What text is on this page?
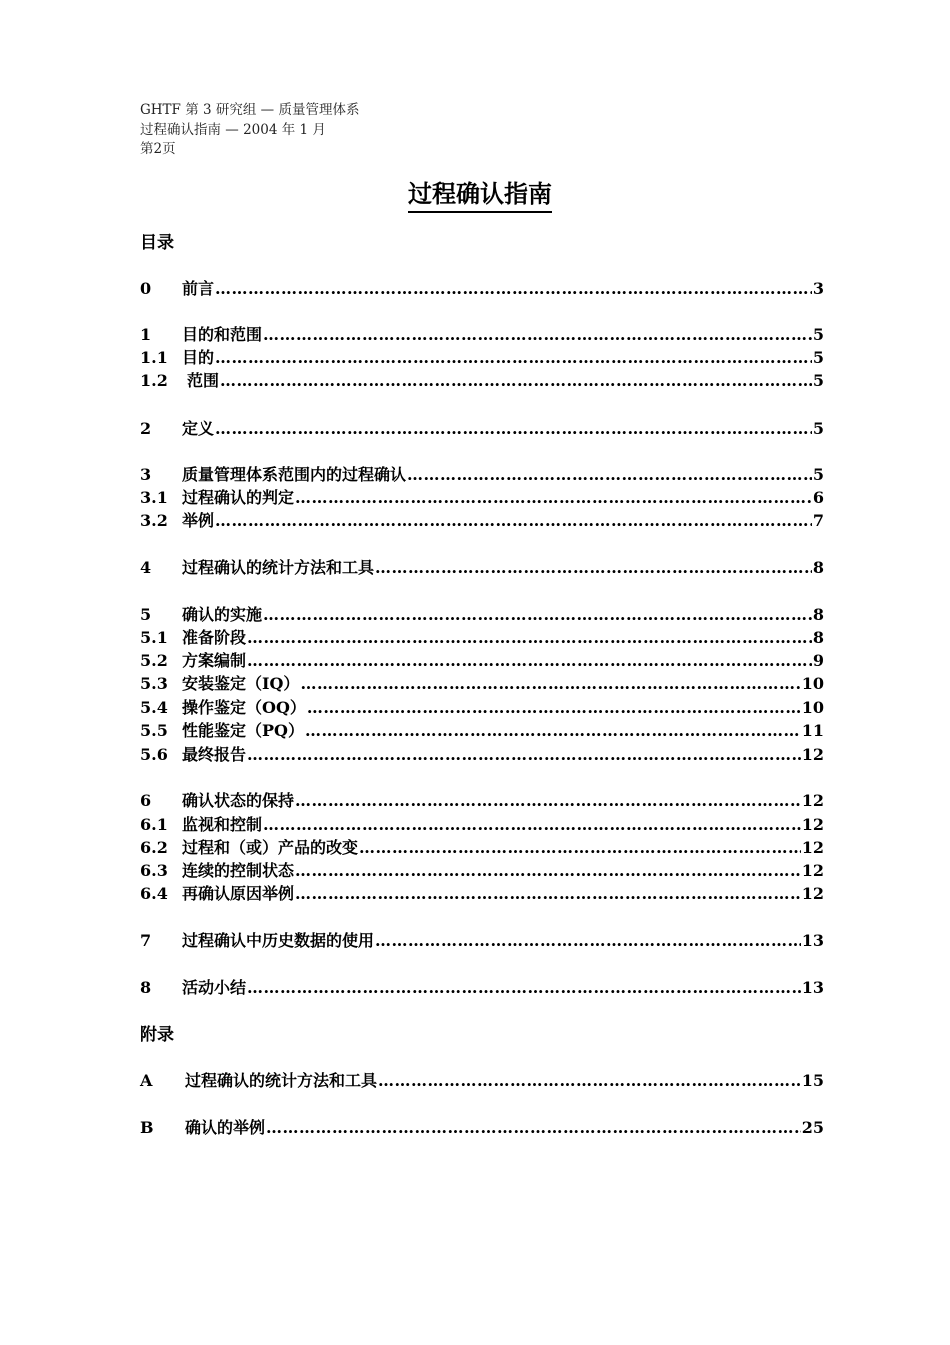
GHTF 第 3 研究组 — 质量管理体系
过程确认指南 — 2004 年 1 月
第2页
过程确认指南
目录
0	前言 …………………………………………………………………………………………………………………………………………………………………………………………………………………………………………	3
1	目的和范围 …………………………………………………………………………………………………………………………………………………………………………………………………………………………………………	5
1.1 目的 …………………………………………………………………………………………………………………………………………………………………………………………………………………………………………	5
1.2	范围 …………………………………………………………………………………………………………………………………………………………………………………………………………………………………………	5
2	定义 …………………………………………………………………………………………………………………………………………………………………………………………………………………………………………	5
3	质量管理体系范围内的过程确认 …………………………………………………………………………………………………………………………………………………………………………………………………………………………………………	5
3.1 过程确认的判定 …………………………………………………………………………………………………………………………………………………………………………………………………………………………………………	6
3.2 举例 …………………………………………………………………………………………………………………………………………………………………………………………………………………………………………	7
4	过程确认的统计方法和工具 …………………………………………………………………………………………………………………………………………………………………………………………………………………………………………	8
5	确认的实施 …………………………………………………………………………………………………………………………………………………………………………………………………………………………………………	8
5.1 准备阶段 …………………………………………………………………………………………………………………………………………………………………………………………………………………………………………	8
5.2 方案编制 …………………………………………………………………………………………………………………………………………………………………………………………………………………………………………	9
5.3 安装鉴定（IQ） …………………………………………………………………………………………………………………………………………………………………………………………………………………………………………	10
5.4 操作鉴定（OQ） …………………………………………………………………………………………………………………………………………………………………………………………………………………………………………	10
5.5 性能鉴定（PQ） …………………………………………………………………………………………………………………………………………………………………………………………………………………………………………	11
5.6 最终报告 …………………………………………………………………………………………………………………………………………………………………………………………………………………………………………	12
6	确认状态的保持 …………………………………………………………………………………………………………………………………………………………………………………………………………………………………………	12
6.1 监视和控制 …………………………………………………………………………………………………………………………………………………………………………………………………………………………………………	12
6.2 过程和（或）产品的改变 …………………………………………………………………………………………………………………………………………………………………………………………………………………………………………	12
6.3 连续的控制状态 …………………………………………………………………………………………………………………………………………………………………………………………………………………………………………	12
6.4 再确认原因举例 …………………………………………………………………………………………………………………………………………………………………………………………………………………………………………	12
7	过程确认中历史数据的使用 …………………………………………………………………………………………………………………………………………………………………………………………………………………………………………	13
8	活动小结 …………………………………………………………………………………………………………………………………………………………………………………………………………………………………………	13
A	过程确认的统计方法和工具 …………………………………………………………………………………………………………………………………………………………………………………………………………………………………………	15
B	确认的举例 …………………………………………………………………………………………………………………………………………………………………………………………………………………………………………	25
附录
